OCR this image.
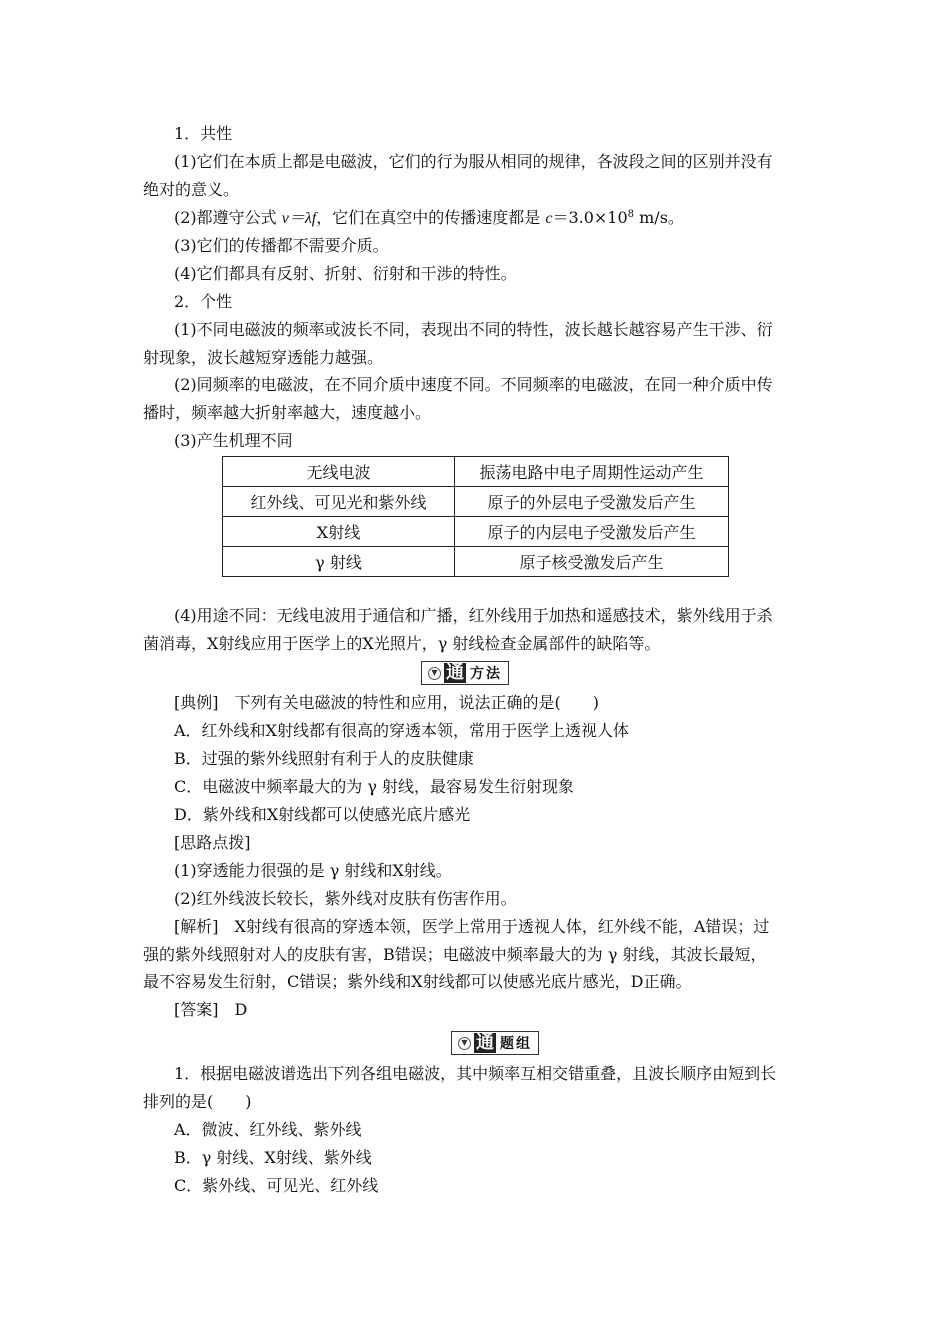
1．共性
(1)它们在本质上都是电磁波，它们的行为服从相同的规律，各波段之间的区别并没有
绝对的意义。
(2)都遵守公式 v＝λf，它们在真空中的传播速度都是 $c=3.0\times 10^8$ m/s。
(3)它们的传播都不需要介质。
(4)它们都具有反射、折射、衍射和干涉的特性。
2．个性
(1)不同电磁波的频率或波长不同，表现出不同的特性，波长越长越容易产生干涉、衍
射现象，波长越短穿透能力越强。
(2)同频率的电磁波，在不同介质中速度不同。不同频率的电磁波，在同一种介质中传
播时，频率越大折射率越大，速度越小。
(3)产生机理不同
无线电波	振荡电路中电子周期性运动产生
红外线、可见光和紫外线	原子的外层电子受激发后产生
X射线	原子的内层电子受激发后产生
γ 射线	原子核受激发后产生
(4)用途不同：无线电波用于通信和广播，红外线用于加热和遥感技术，紫外线用于杀
菌消毒，X射线应用于医学上的X光照片，γ 射线检查金属部件的缺陷等。
▼ 通 方法
[典例]　下列有关电磁波的特性和应用，说法正确的是(　　)
A．红外线和X射线都有很高的穿透本领，常用于医学上透视人体
B．过强的紫外线照射有利于人的皮肤健康
C．电磁波中频率最大的为 γ 射线，最容易发生衍射现象
D．紫外线和X射线都可以使感光底片感光
[思路点拨]
(1)穿透能力很强的是 γ 射线和X射线。
(2)红外线波长较长，紫外线对皮肤有伤害作用。
[解析]　X射线有很高的穿透本领，医学上常用于透视人体，红外线不能，A错误；过
强的紫外线照射对人的皮肤有害，B错误；电磁波中频率最大的为 γ 射线，其波长最短，
最不容易发生衍射，C错误；紫外线和X射线都可以使感光底片感光，D正确。
[答案]　D
▼ 通 题组
1．根据电磁波谱选出下列各组电磁波，其中频率互相交错重叠，且波长顺序由短到长
排列的是(　　)
A．微波、红外线、紫外线
B．γ 射线、X射线、紫外线
C．紫外线、可见光、红外线
